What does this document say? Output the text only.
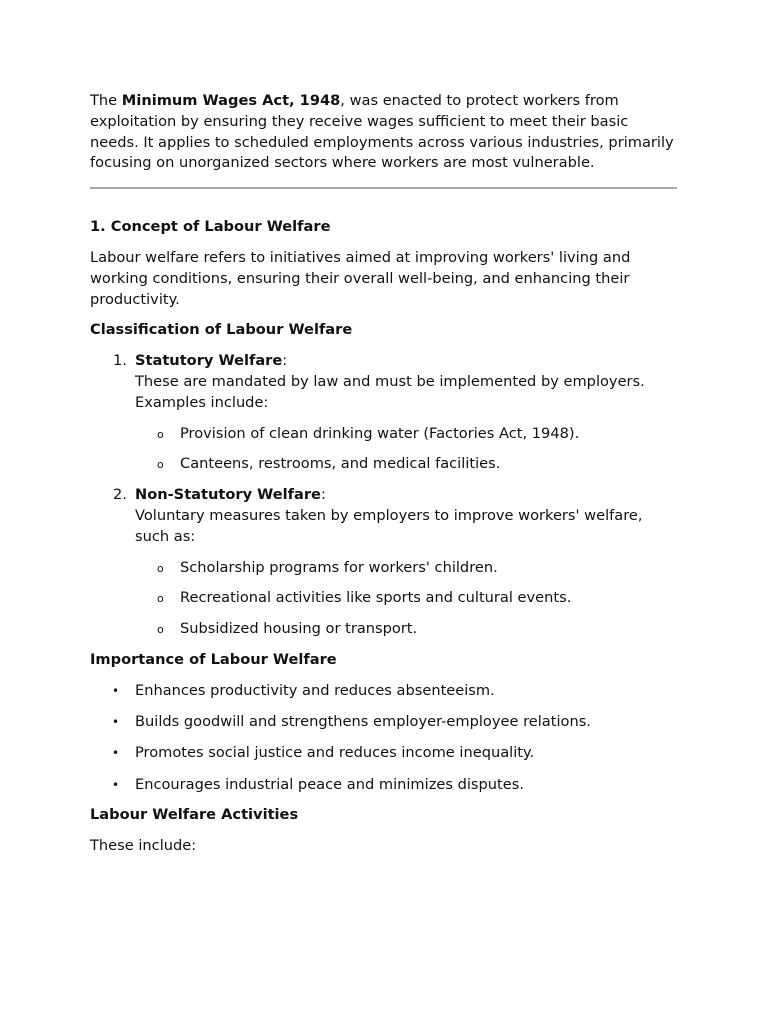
The Minimum Wages Act, 1948, was enacted to protect workers from exploitation by ensuring they receive wages sufficient to meet their basic needs. It applies to scheduled employments across various industries, primarily focusing on unorganized sectors where workers are most vulnerable.

1. Concept of Labour Welfare

Labour welfare refers to initiatives aimed at improving workers' living and working conditions, ensuring their overall well-being, and enhancing their productivity.

Classification of Labour Welfare
1. Statutory Welfare:
These are mandated by law and must be implemented by employers. Examples include:
o Provision of clean drinking water (Factories Act, 1948).
o Canteens, restrooms, and medical facilities.
2. Non-Statutory Welfare:
Voluntary measures taken by employers to improve workers' welfare, such as:
o Scholarship programs for workers' children.
o Recreational activities like sports and cultural events.
o Subsidized housing or transport.
Importance of Labour Welfare
• Enhances productivity and reduces absenteeism.
• Builds goodwill and strengthens employer-employee relations.
• Promotes social justice and reduces income inequality.
• Encourages industrial peace and minimizes disputes.
Labour Welfare Activities

These include:
